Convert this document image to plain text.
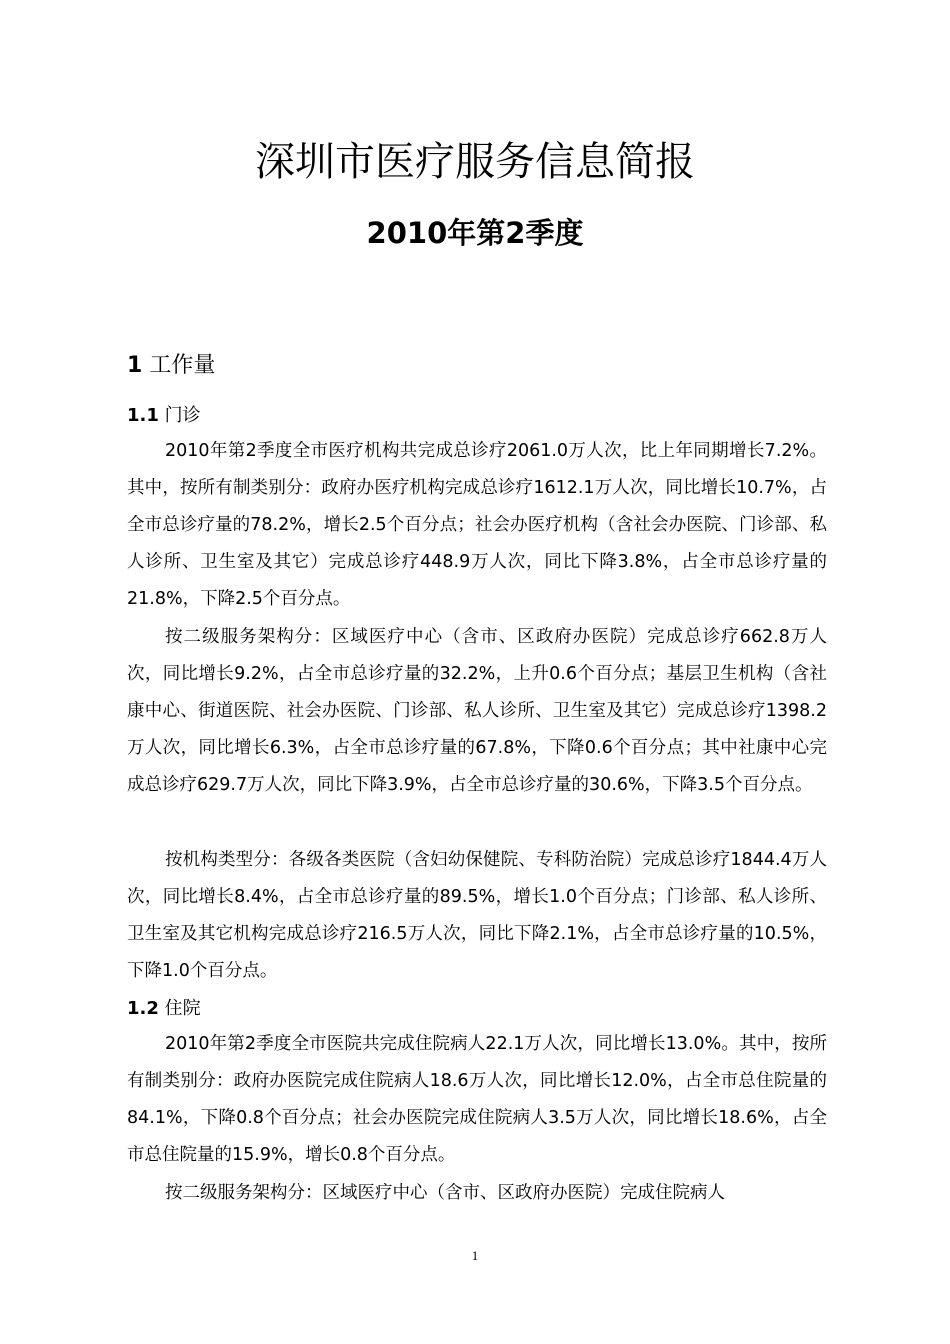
深圳市医疗服务信息简报
2010年第2季度
1 工作量
1.1 门诊

2010年第2季度全市医疗机构共完成总诊疗2061.0万人次，比上年同期增长7.2%。其中，按所有制类别分：政府办医疗机构完成总诊疗1612.1万人次，同比增长10.7%，占全市总诊疗量的78.2%，增长2.5个百分点；社会办医疗机构（含社会办医院、门诊部、私人诊所、卫生室及其它）完成总诊疗448.9万人次，同比下降3.8%，占全市总诊疗量的21.8%，下降2.5个百分点。

按二级服务架构分：区域医疗中心（含市、区政府办医院）完成总诊疗662.8万人次，同比增长9.2%，占全市总诊疗量的32.2%，上升0.6个百分点；基层卫生机构（含社康中心、街道医院、社会办医院、门诊部、私人诊所、卫生室及其它）完成总诊疗1398.2万人次，同比增长6.3%，占全市总诊疗量的67.8%，下降0.6个百分点；其中社康中心完成总诊疗629.7万人次，同比下降3.9%，占全市总诊疗量的30.6%，下降3.5个百分点。

按机构类型分：各级各类医院（含妇幼保健院、专科防治院）完成总诊疗1844.4万人次，同比增长8.4%，占全市总诊疗量的89.5%，增长1.0个百分点；门诊部、私人诊所、卫生室及其它机构完成总诊疗216.5万人次，同比下降2.1%，占全市总诊疗量的10.5%，下降1.0个百分点。

1.2 住院

2010年第2季度全市医院共完成住院病人22.1万人次，同比增长13.0%。其中，按所有制类别分：政府办医院完成住院病人18.6万人次，同比增长12.0%，占全市总住院量的84.1%，下降0.8个百分点；社会办医院完成住院病人3.5万人次，同比增长18.6%，占全市总住院量的15.9%，增长0.8个百分点。

按二级服务架构分：区域医疗中心（含市、区政府办医院）完成住院病人

1
